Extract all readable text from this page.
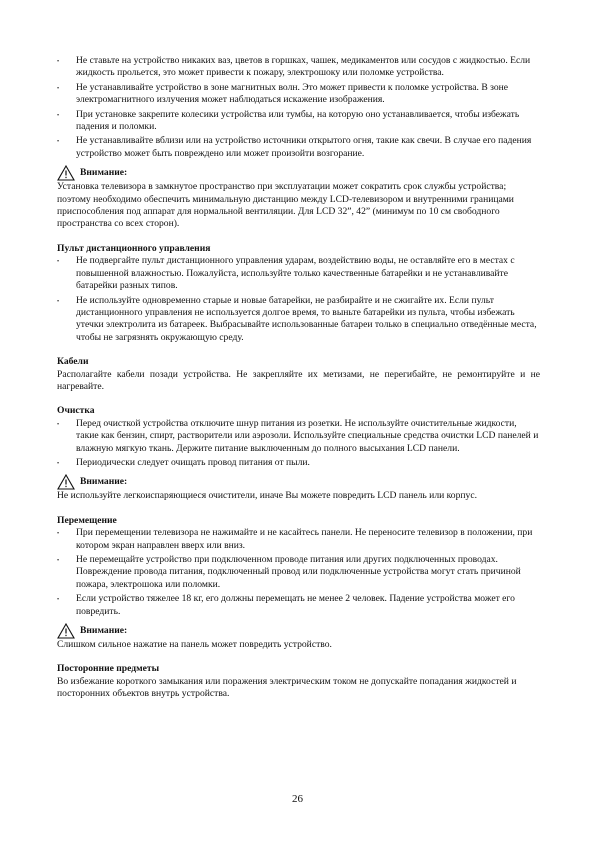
• Не ставьте на устройство никаких ваз, цветов в горшках, чашек, медикаментов или сосудов с жидкостью. Если жидкость прольется, это может привести к пожару, электрошоку или поломке устройства.
• Не устанавливайте устройство в зоне магнитных волн. Это может привести к поломке устройства. В зоне электромагнитного излучения может наблюдаться искажение изображения.
• При установке закрепите колесики устройства или тумбы, на которую оно устанавливается, чтобы избежать падения и поломки.
• Не устанавливайте вблизи или на устройство источники открытого огня, такие как свечи. В случае его падения устройство может быть повреждено или может произойти возгорание.
Внимание:

Установка телевизора в замкнутое пространство при эксплуатации может сократить срок службы устройства; поэтому необходимо обеспечить минимальную дистанцию между LCD-телевизором и внутренними границами приспособления под аппарат для нормальной вентиляции. Для LCD 32”, 42” (минимум по 10 см свободного пространства со всех сторон).

Пульт дистанционного управления
• Не подвергайте пульт дистанционного управления ударам, воздействию воды, не оставляйте его в местах с повышенной влажностью. Пожалуйста, используйте только качественные батарейки и не устанавливайте батарейки разных типов.
• Не используйте одновременно старые и новые батарейки, не разбирайте и не сжигайте их. Если пульт дистанционного управления не используется долгое время, то выньте батарейки из пульта, чтобы избежать утечки электролита из батареек. Выбрасывайте использованные батареи только в специально отведённые места, чтобы не загрязнять окружающую среду.
Кабели

Располагайте кабели позади устройства. Не закрепляйте их метизами, не перегибайте, не ремонтируйте и не нагревайте.

Очистка
• Перед очисткой устройства отключите шнур питания из розетки. Не используйте очистительные жидкости, такие как бензин, спирт, растворители или аэрозоли. Используйте специальные средства очистки LCD панелей и влажную мягкую ткань. Держите питание выключенным до полного высыхания LCD панели.
• Периодически следует очищать провод питания от пыли.
Внимание:

Не используйте легкоиспаряющиеся очистители, иначе Вы можете повредить LCD панель или корпус.

Перемещение
• При перемещении телевизора не нажимайте и не касайтесь панели. Не переносите телевизор в положении, при котором экран направлен вверх или вниз.
• Не перемещайте устройство при подключенном проводе питания или других подключенных проводах. Повреждение провода питания, подключенный провод или подключенные устройства могут стать причиной пожара, электрошока или поломки.
• Если устройство тяжелее 18 кг, его должны перемещать не менее 2 человек. Падение устройства может его повредить.
Внимание:

Слишком сильное нажатие на панель может повредить устройство.

Посторонние предметы

Во избежание короткого замыкания или поражения электрическим током не допускайте попадания жидкостей и посторонних объектов внутрь устройства.

26
